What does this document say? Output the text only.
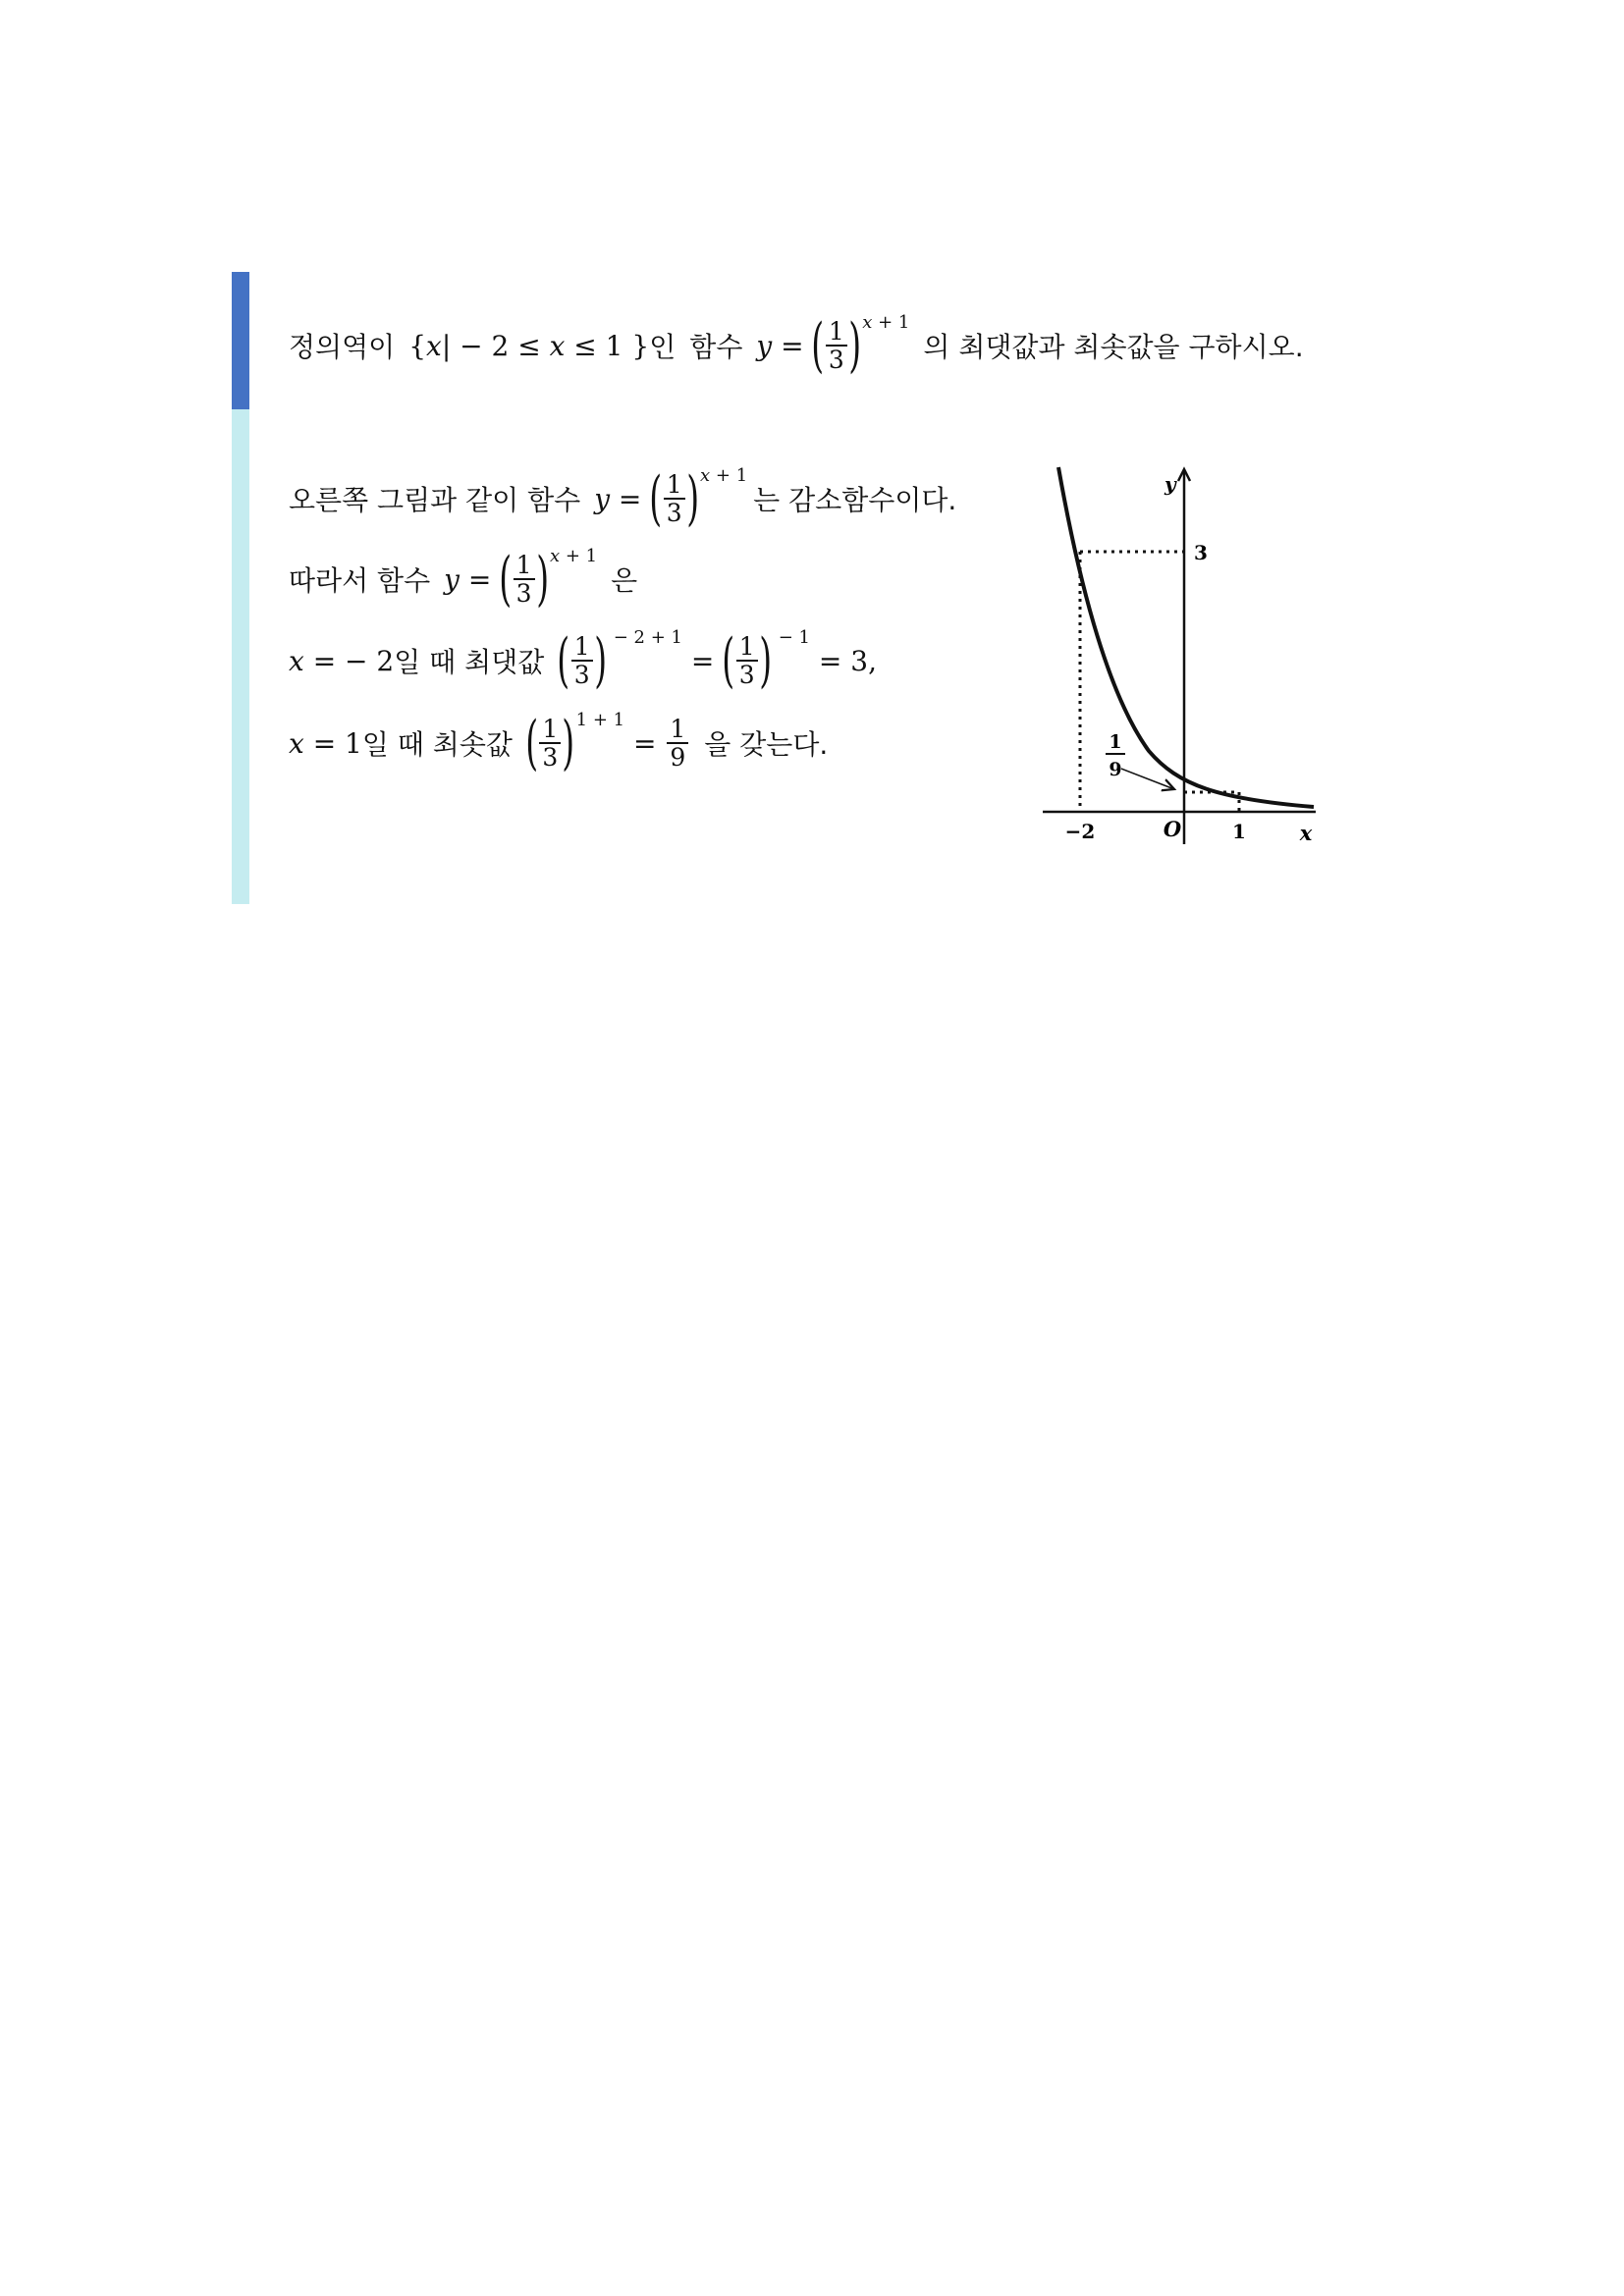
정의역이 { x | − 2 ≤ x ≤ 1 } 인 함수 y = ( $\frac{1}{3}$ ) x + 1
의 최댓값과 최솟값을 구하시오.
오른쪽 그림과 같이 함수 y = ( $\frac{1}{3}$ ) x + 1
는 감소함수이다.
따라서 함수 y = ( $\frac{1}{3}$ ) x + 1
은
x = − 2 일 때 최댓값 ( $\frac{1}{3}$ ) − 2 + 1
= ( $\frac{1}{3}$ ) − 1
= 3,
x = 1 일 때 최솟값 ( $\frac{1}{3}$ ) 1 + 1
= $\frac{1}{9}$ 을 갖는다.
y
3
1
9
−2	O	1	x
